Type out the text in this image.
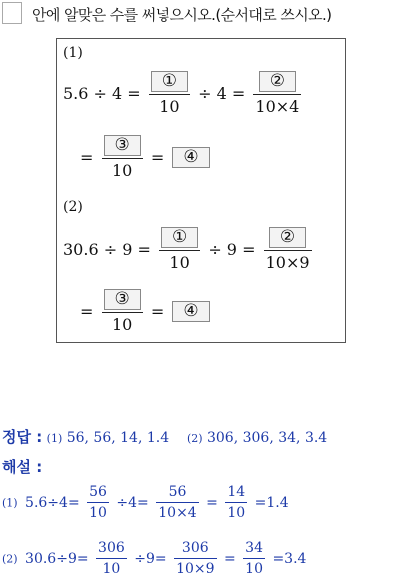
안에 알맞은 수를 써넣으시오.(순서대로 쓰시오.)
(1)
$5.6 \div 4 = \frac{\text{①}}{10} \div 4 = \frac{\text{②}}{10\times 4}$
= $\frac{\text{③}}{10}$ = ④
(2)
$30.6 \div 9 = \frac{\text{①}}{10} \div 9 = \frac{\text{②}}{10\times 9}$
= $\frac{\text{③}}{10}$ = ④
정답 : (1) 56, 56, 14, 1.4 (2) 306, 306, 34, 3.4
해설 :
(1) $5.6\div 4= \frac{56}{10} \div 4= \frac{56}{10\times 4} = \frac{14}{10} =1.4$
(2) $30.6\div 9= \frac{306}{10} \div 9= \frac{306}{10\times 9} = \frac{34}{10} =3.4$
